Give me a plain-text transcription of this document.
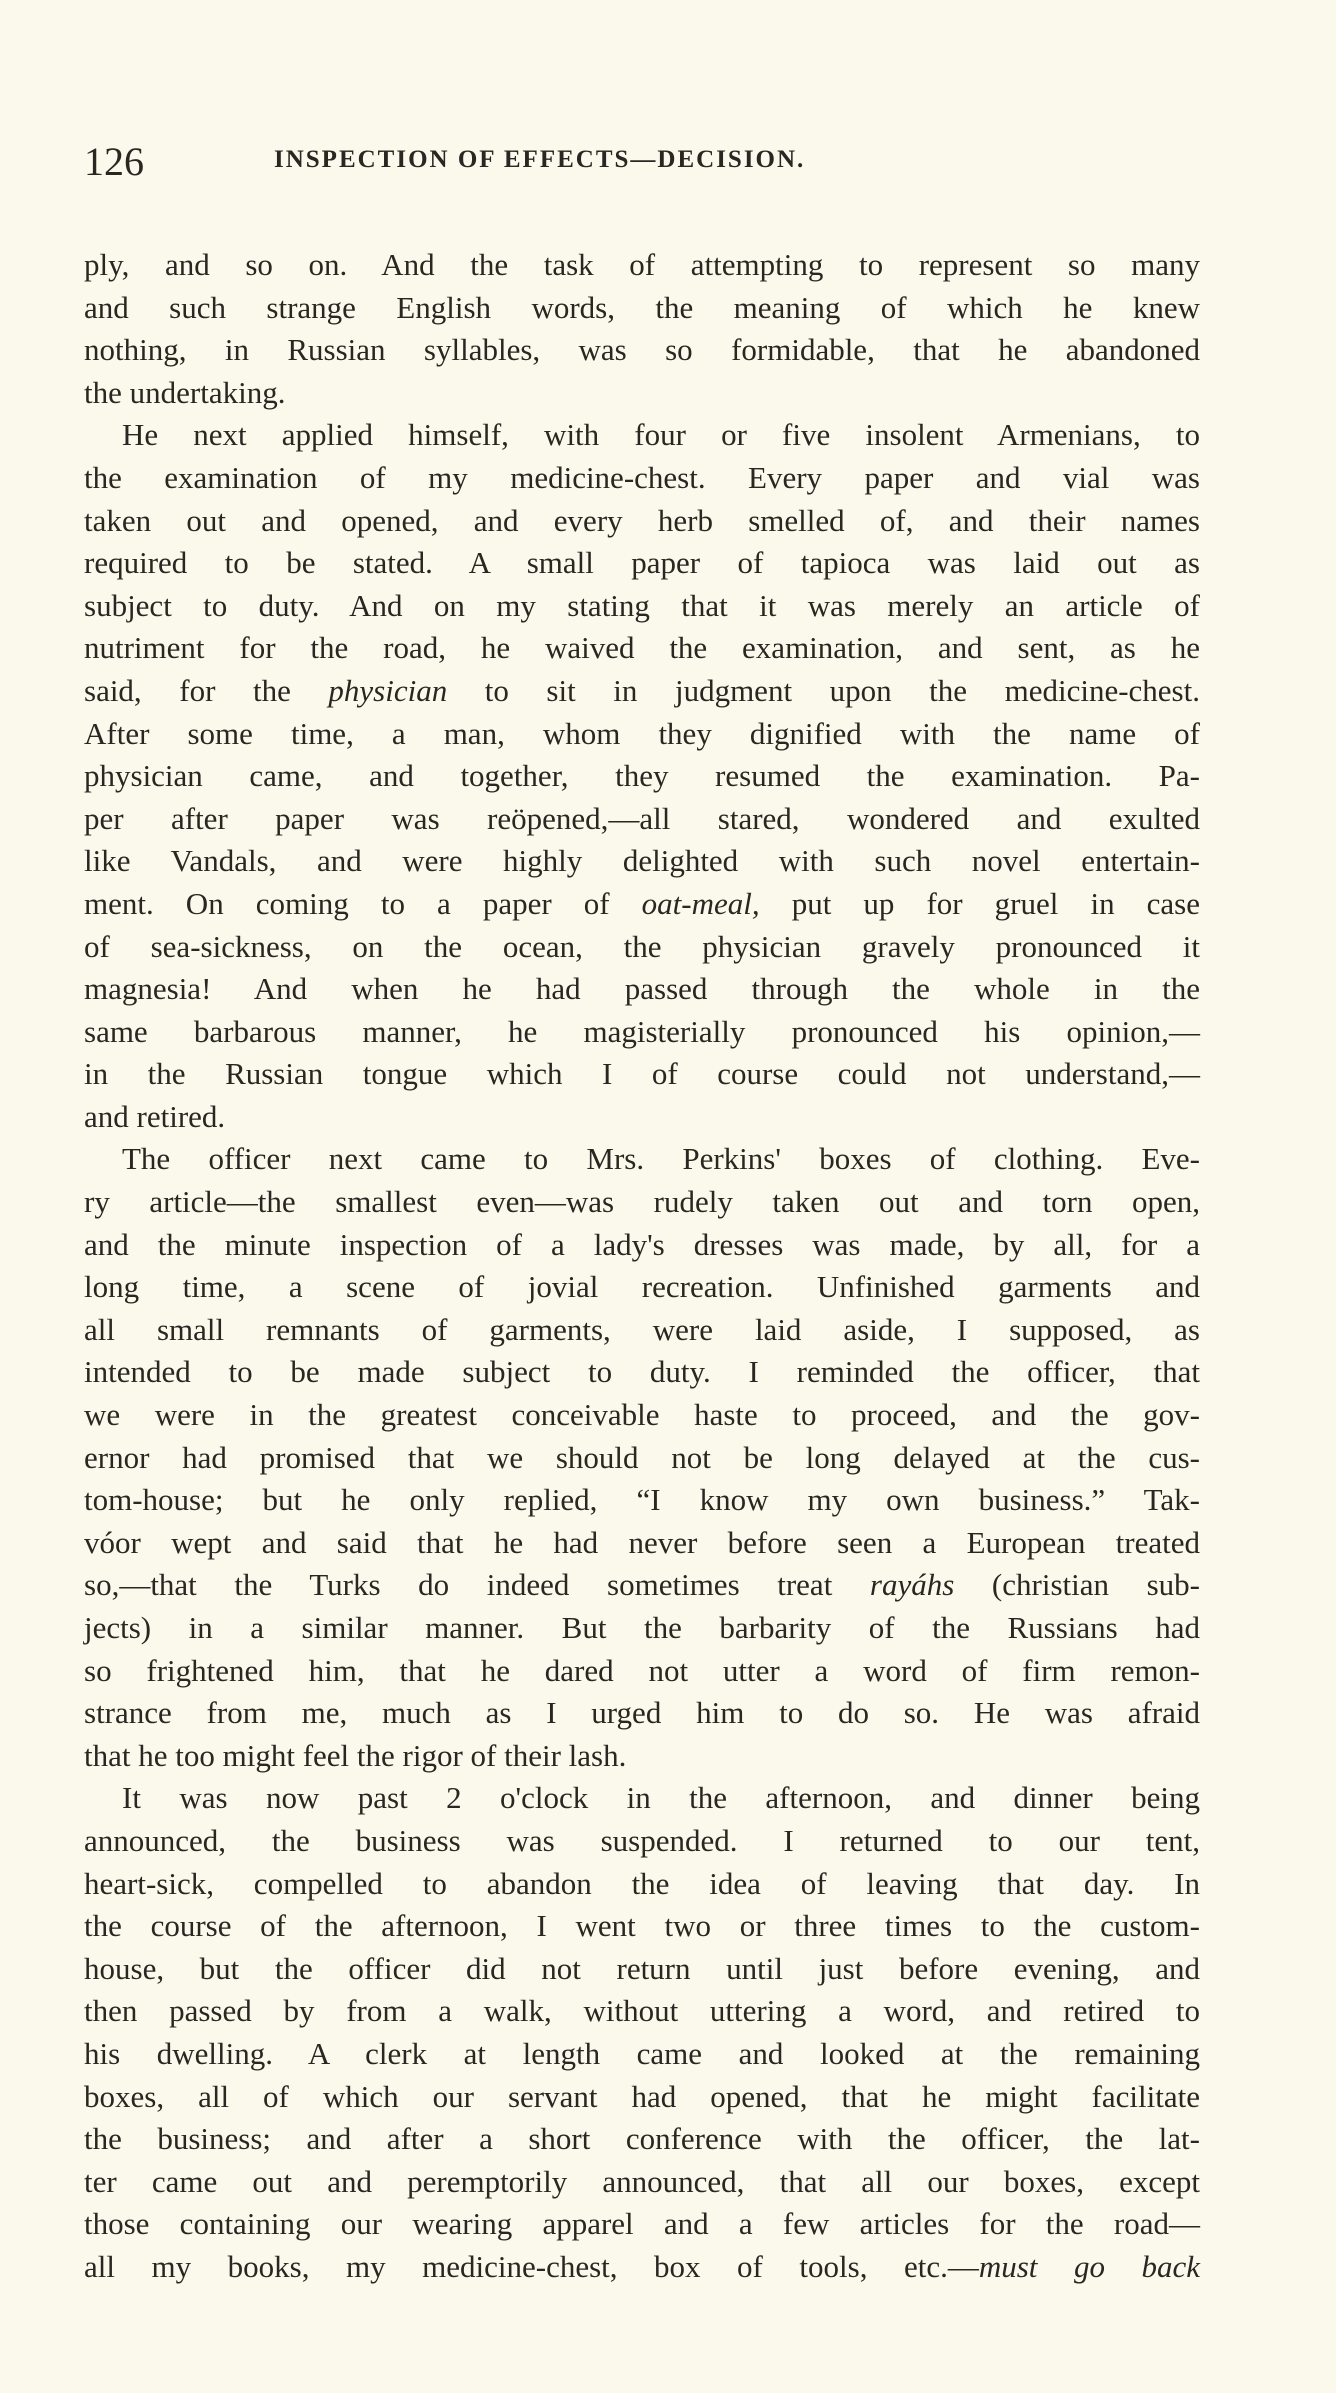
126	INSPECTION OF EFFECTS—DECISION.
ply, and so on. And the task of attempting to represent so many
and such strange English words, the meaning of which he knew
nothing, in Russian syllables, was so formidable, that he abandoned
the undertaking.
He next applied himself, with four or five insolent Armenians, to
the examination of my medicine-chest. Every paper and vial was
taken out and opened, and every herb smelled of, and their names
required to be stated. A small paper of tapioca was laid out as
subject to duty. And on my stating that it was merely an article of
nutriment for the road, he waived the examination, and sent, as he
said, for the physician to sit in judgment upon the medicine-chest.
After some time, a man, whom they dignified with the name of
physician came, and together, they resumed the examination. Pa-
per after paper was reöpened,—all stared, wondered and exulted
like Vandals, and were highly delighted with such novel entertain-
ment. On coming to a paper of oat-meal, put up for gruel in case
of sea-sickness, on the ocean, the physician gravely pronounced it
magnesia! And when he had passed through the whole in the
same barbarous manner, he magisterially pronounced his opinion,—
in the Russian tongue which I of course could not understand,—
and retired.
The officer next came to Mrs. Perkins' boxes of clothing. Eve-
ry article—the smallest even—was rudely taken out and torn open,
and the minute inspection of a lady's dresses was made, by all, for a
long time, a scene of jovial recreation. Unfinished garments and
all small remnants of garments, were laid aside, I supposed, as
intended to be made subject to duty. I reminded the officer, that
we were in the greatest conceivable haste to proceed, and the gov-
ernor had promised that we should not be long delayed at the cus-
tom-house; but he only replied, “I know my own business.” Tak-
vóor wept and said that he had never before seen a European treated
so,—that the Turks do indeed sometimes treat rayáhs (christian sub-
jects) in a similar manner. But the barbarity of the Russians had
so frightened him, that he dared not utter a word of firm remon-
strance from me, much as I urged him to do so. He was afraid
that he too might feel the rigor of their lash.
It was now past 2 o'clock in the afternoon, and dinner being
announced, the business was suspended. I returned to our tent,
heart-sick, compelled to abandon the idea of leaving that day. In
the course of the afternoon, I went two or three times to the custom-
house, but the officer did not return until just before evening, and
then passed by from a walk, without uttering a word, and retired to
his dwelling. A clerk at length came and looked at the remaining
boxes, all of which our servant had opened, that he might facilitate
the business; and after a short conference with the officer, the lat-
ter came out and peremptorily announced, that all our boxes, except
those containing our wearing apparel and a few articles for the road—
all my books, my medicine-chest, box of tools, etc.—must go back
